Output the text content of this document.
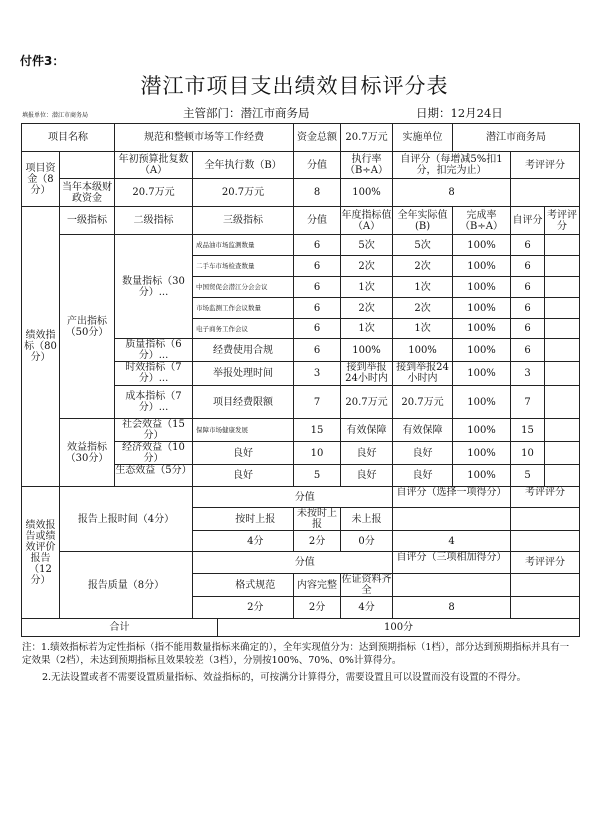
付件3：
潜江市项目支出绩效目标评分表
填报单位：潜江市商务局	主管部门：潜江市商务局	日期：12月24日
项目名称		规范和整顿市场等工作经费			资金总额	20.7万元	实施单位	潜江市商务局		
项目资金（8分）		年初预算批复数（A）	全年执行数（B）		分值	执行率（B÷A）	自评分（每增减5%扣1分，扣完为止）		考评评分	
	当年本级财政资金	20.7万元	20.7万元		8	100%	8			
绩效指标（80分）	一级指标	二级指标	三级指标		分值	年度指标值（A）	全年实际值(B)	完成率（B÷A）	自评分	考评评分
	产出指标（50分）	数量指标（30分）...	成品油市场监测数量		6	5次	5次	100%	6	
			二手车市场检查数量		6	2次	2次	100%	6	
			中国贸促会潜江分会会议		6	1次	1次	100%	6	
			市场监测工作会议数量		6	2次	2次	100%	6	
			电子商务工作会议		6	1次	1次	100%	6	
		质量指标（6分）...	经费使用合规		6	100%	100%	100%	6	
		时效指标（7分）...	举报处理时间		3	接到举报24小时内	接到举报24小时内	100%	3	
		成本指标（7分）...	项目经费限额		7	20.7万元	20.7万元	100%	7	
	效益指标（30分）	社会效益（15分）	保障市场健康发展		15	有效保障	有效保障	100%	15	
		经济效益（10分）	良好		10	良好	良好	100%	10	
		生态效益（5分）	良好		5	良好	良好	100%	5	
绩效报告或绩效评价报告（12分）	报告上报时间（4分）			分值			自评分（选择一项得分）		考评评分	
				按时上报	未按时上报	未上报				
				4分	2分	0分	4			
	报告质量（8分）			分值			自评分（三项相加得分）		考评评分	
				格式规范	内容完整	佐证资料齐全				
				2分	2分	4分	8			
合计				100分						
注：1.绩效指标若为定性指标（指不能用数量指标来确定的），全年实现值分为：达到预期指标（1档），部分达到预期指标并具有一定效果（2档），未达到预期指标且效果较差（3档），分别按100%、70%、0%计算得分。
2.无法设置或者不需要设置质量指标、效益指标的，可按满分计算得分，需要设置且可以设置而没有设置的不得分。
